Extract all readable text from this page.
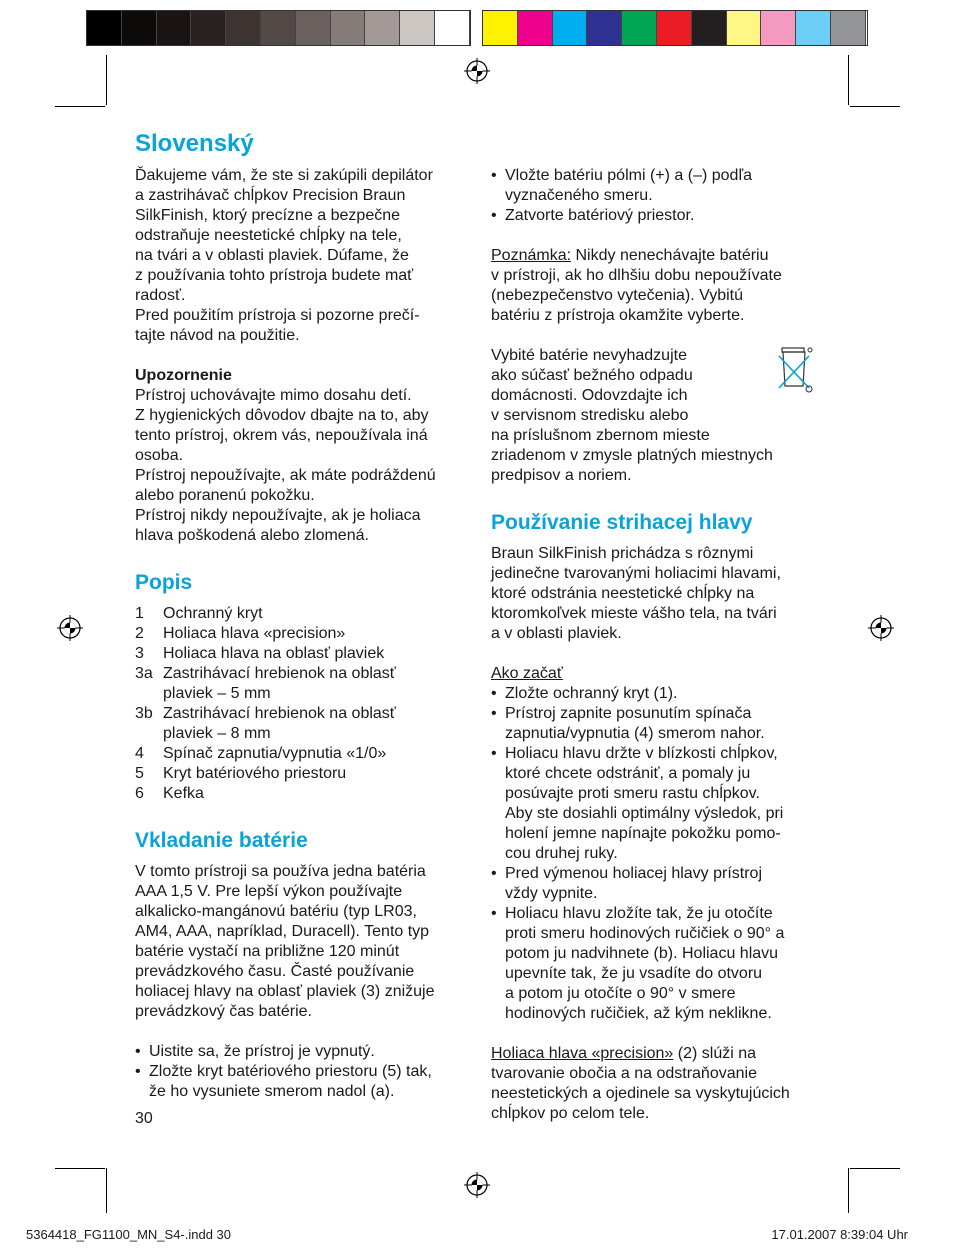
Slovenský

Ďakujeme vám, že ste si zakúpili depilátor

a zastrihávač chĺpkov Precision Braun

SilkFinish, ktorý precízne a bezpečne

odstraňuje neestetické chĺpky na tele,

na tvári a v oblasti plaviek. Dúfame, že

z používania tohto prístroja budete mať

radosť.

Pred použitím prístroja si pozorne prečí-

tajte návod na použitie.

Upozornenie

Prístroj uchovávajte mimo dosahu detí.

Z hygienických dôvodov dbajte na to, aby

tento prístroj, okrem vás, nepoužívala iná

osoba.

Prístroj nepoužívajte, ak máte podráždenú

alebo poranenú pokožku.

Prístroj nikdy nepoužívajte, ak je holiaca

hlava poškodená alebo zlomená.

Popis
1	Ochranný kryt
2	Holiaca hlava «precision»
3	Holiaca hlava na oblasť plaviek
3a Zastrihávací hrebienok na oblasť
plaviek – 5 mm
3b Zastrihávací hrebienok na oblasť
plaviek – 8 mm
4	Spínač zapnutia/vypnutia «1/0»
5	Kryt batériového priestoru
6	Kefka
Vkladanie batérie

V tomto prístroji sa používa jedna batéria

AAA 1,5 V. Pre lepší výkon používajte

alkalicko-mangánovú batériu (typ LR03,

AM4, AAA, napríklad, Duracell). Tento typ

batérie vystačí na približne 120 minút

prevádzkového času. Časté používanie

holiacej hlavy na oblasť plaviek (3) znižuje

prevádzkový čas batérie.

• Uistite sa, že prístroj je vypnutý.
• Zložte kryt batériového priestoru (5) tak,
že ho vysuniete smerom nadol (a).
30
• Vložte batériu pólmi (+) a (–) podľa
vyznačeného smeru.
• Zatvorte batériový priestor.
Poznámka: Nikdy nenechávajte batériu
v prístroji, ak ho dlhšiu dobu nepoužívate
(nebezpečenstvo vytečenia). Vybitú
batériu z prístroja okamžite vyberte.

Vybité batérie nevyhadzujte

ako súčasť bežného odpadu

domácnosti. Odovzdajte ich

v servisnom stredisku alebo

na príslušnom zbernom mieste

zriadenom v zmysle platných miestnych

predpisov a noriem.

Používanie strihacej hlavy

Braun SilkFinish prichádza s rôznymi

jedinečne tvarovanými holiacimi hlavami,

ktoré odstránia neestetické chĺpky na

ktoromkoľvek mieste vášho tela, na tvári

a v oblasti plaviek.

Ako začať

• Zložte ochranný kryt (1).
• Prístroj zapnite posunutím spínača
zapnutia/vypnutia (4) smerom nahor.
• Holiacu hlavu držte v blízkosti chĺpkov,
ktoré chcete odstrániť, a pomaly ju
posúvajte proti smeru rastu chĺpkov.
Aby ste dosiahli optimálny výsledok, pri
holení jemne napínajte pokožku pomo-
cou druhej ruky.
• Pred výmenou holiacej hlavy prístroj
vždy vypnite.
• Holiacu hlavu zložíte tak, že ju otočíte
proti smeru hodinových ručičiek o 90° a
potom ju nadvihnete (b). Holiacu hlavu
upevníte tak, že ju vsadíte do otvoru
a potom ju otočíte o 90° v smere
hodinových ručičiek, až kým neklikne.
Holiaca hlava «precision» (2) slúži na
tvarovanie obočia a na odstraňovanie
neestetických a ojedinele sa vyskytujúcich
chĺpkov po celom tele.
5364418_FG1100_MN_S4-.indd 30	17.01.2007 8:39:04 Uhr
